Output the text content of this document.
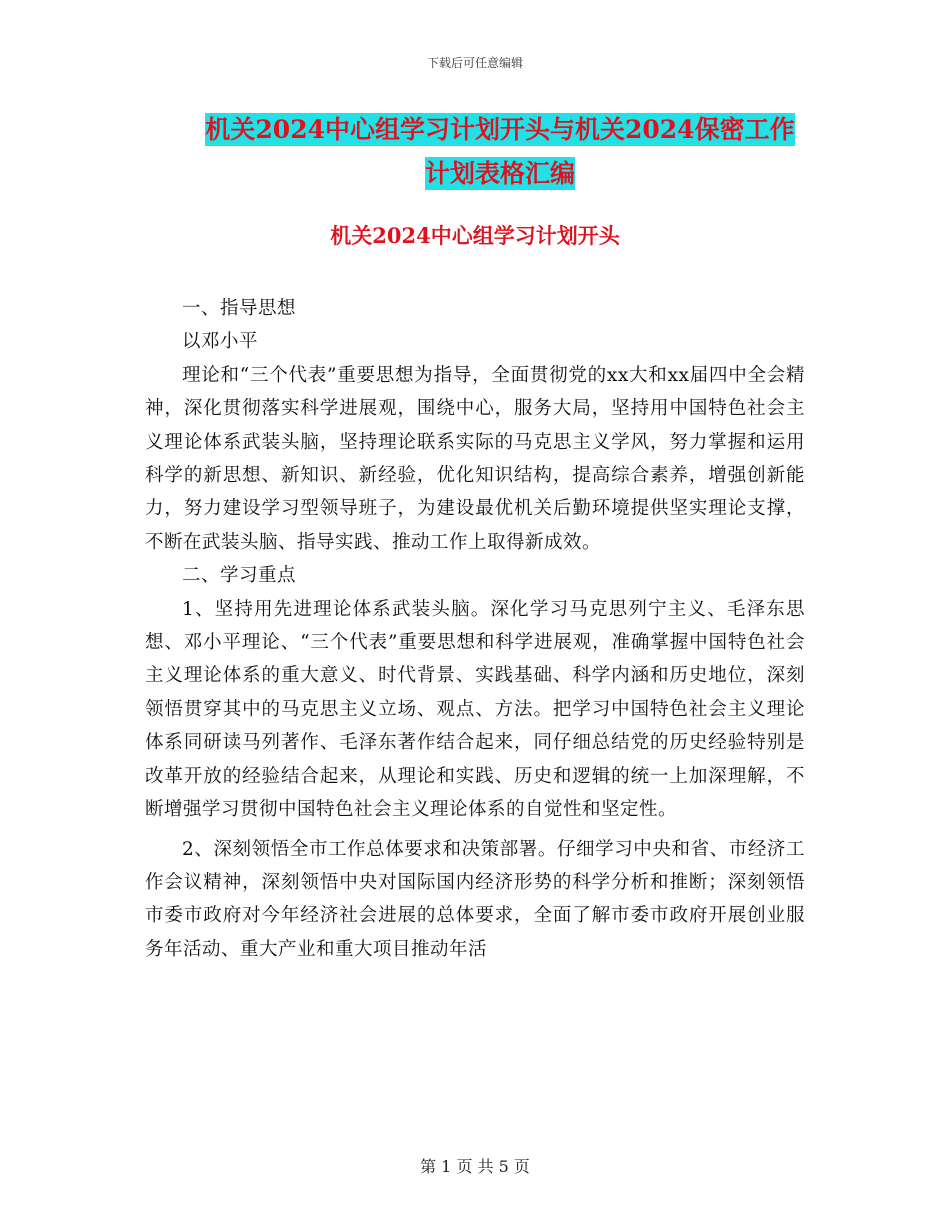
下载后可任意编辑
机关2024中心组学习计划开头与机关2024保密工作
计划表格汇编
机关2024中心组学习计划开头

一、指导思想

以邓小平

理论和“三个代表”重要思想为指导，全面贯彻党的xx大和xx届四中全会精神，深化贯彻落实科学进展观，围绕中心，服务大局，坚持用中国特色社会主义理论体系武装头脑，坚持理论联系实际的马克思主义学风，努力掌握和运用科学的新思想、新知识、新经验，优化知识结构，提高综合素养，增强创新能力，努力建设学习型领导班子，为建设最优机关后勤环境提供坚实理论支撑，不断在武装头脑、指导实践、推动工作上取得新成效。

二、学习重点

1、坚持用先进理论体系武装头脑。深化学习马克思列宁主义、毛泽东思想、邓小平理论、“三个代表”重要思想和科学进展观，准确掌握中国特色社会主义理论体系的重大意义、时代背景、实践基础、科学内涵和历史地位，深刻领悟贯穿其中的马克思主义立场、观点、方法。把学习中国特色社会主义理论体系同研读马列著作、毛泽东著作结合起来，同仔细总结党的历史经验特别是改革开放的经验结合起来，从理论和实践、历史和逻辑的统一上加深理解，不断增强学习贯彻中国特色社会主义理论体系的自觉性和坚定性。

2、深刻领悟全市工作总体要求和决策部署。仔细学习中央和省、市经济工作会议精神，深刻领悟中央对国际国内经济形势的科学分析和推断；深刻领悟市委市政府对今年经济社会进展的总体要求，全面了解市委市政府开展创业服务年活动、重大产业和重大项目推动年活

第 1 页 共 5 页
